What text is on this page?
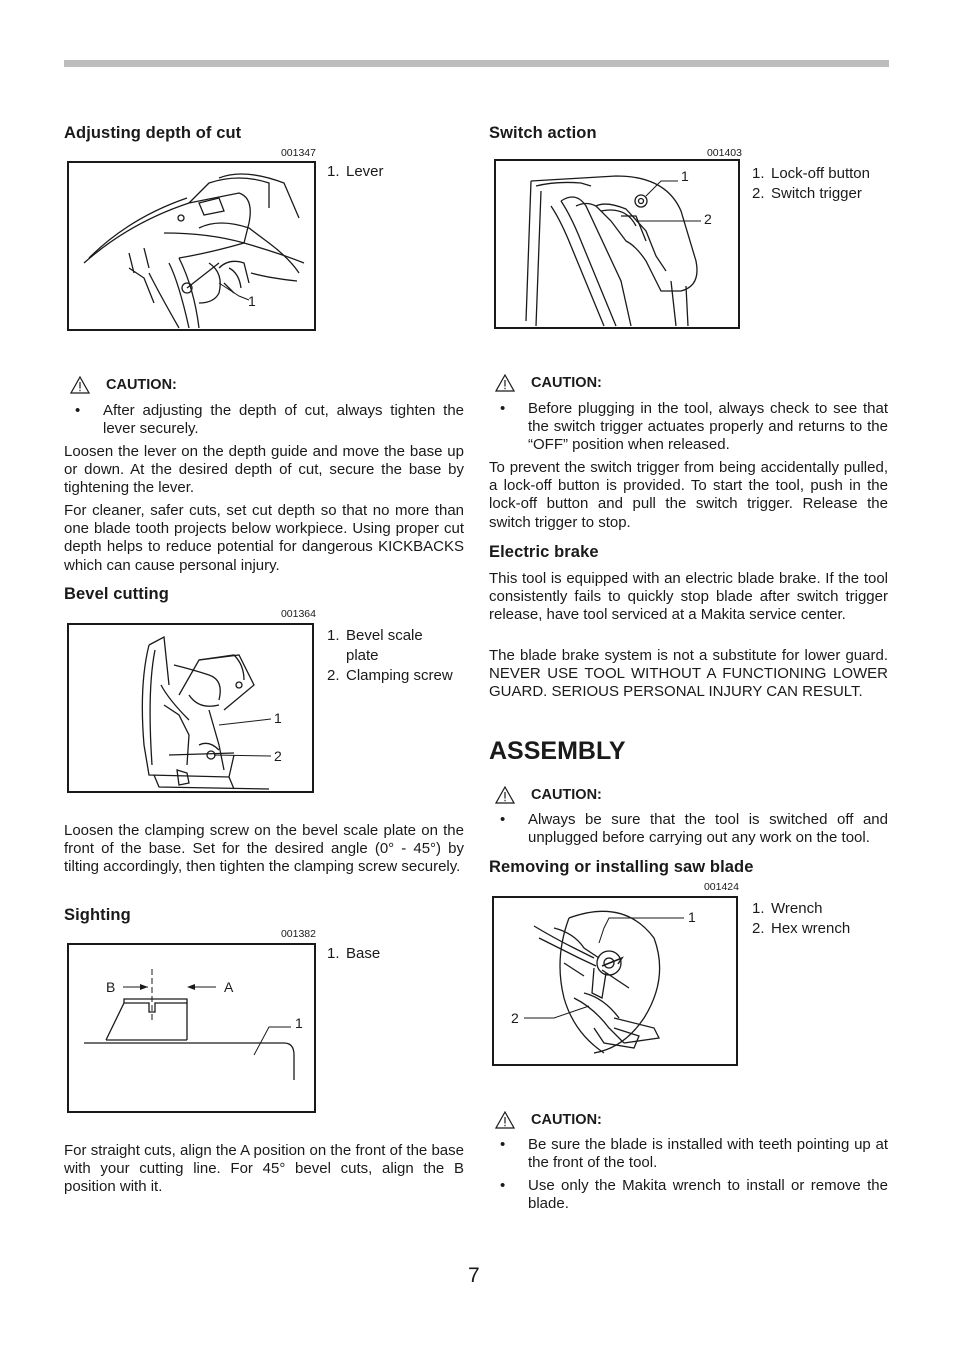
Adjusting depth of cut
001347
1
1. Lever
CAUTION:
• After adjusting the depth of cut, always tighten the lever securely.

Loosen the lever on the depth guide and move the base up or down. At the desired depth of cut, secure the base by tightening the lever.

For cleaner, safer cuts, set cut depth so that no more than one blade tooth projects below workpiece. Using proper cut depth helps to reduce potential for dangerous KICKBACKS which can cause personal injury.

Bevel cutting
001364
1
2
1. Bevel scale plate
2. Clamping screw

Loosen the clamping screw on the bevel scale plate on the front of the base. Set for the desired angle (0° - 45°) by tilting accordingly, then tighten the clamping screw securely.

Sighting
001382
B	A
1
1. Base

For straight cuts, align the A position on the front of the base with your cutting line. For 45° bevel cuts, align the B position with it.

Switch action
001403
1
2
1. Lock-off button
2. Switch trigger
CAUTION:
• Before plugging in the tool, always check to see that the switch trigger actuates properly and returns to the “OFF” position when released.

To prevent the switch trigger from being accidentally pulled, a lock-off button is provided. To start the tool, push in the lock-off button and pull the switch trigger. Release the switch trigger to stop.

Electric brake

This tool is equipped with an electric blade brake. If the tool consistently fails to quickly stop blade after switch trigger release, have tool serviced at a Makita service center.

The blade brake system is not a substitute for lower guard. NEVER USE TOOL WITHOUT A FUNCTIONING LOWER GUARD. SERIOUS PERSONAL INJURY CAN RESULT.

ASSEMBLY
CAUTION:
• Always be sure that the tool is switched off and unplugged before carrying out any work on the tool.
Removing or installing saw blade
001424
1
2
1. Wrench
2. Hex wrench
CAUTION:
• Be sure the blade is installed with teeth pointing up at the front of the tool.
• Use only the Makita wrench to install or remove the blade.
7
